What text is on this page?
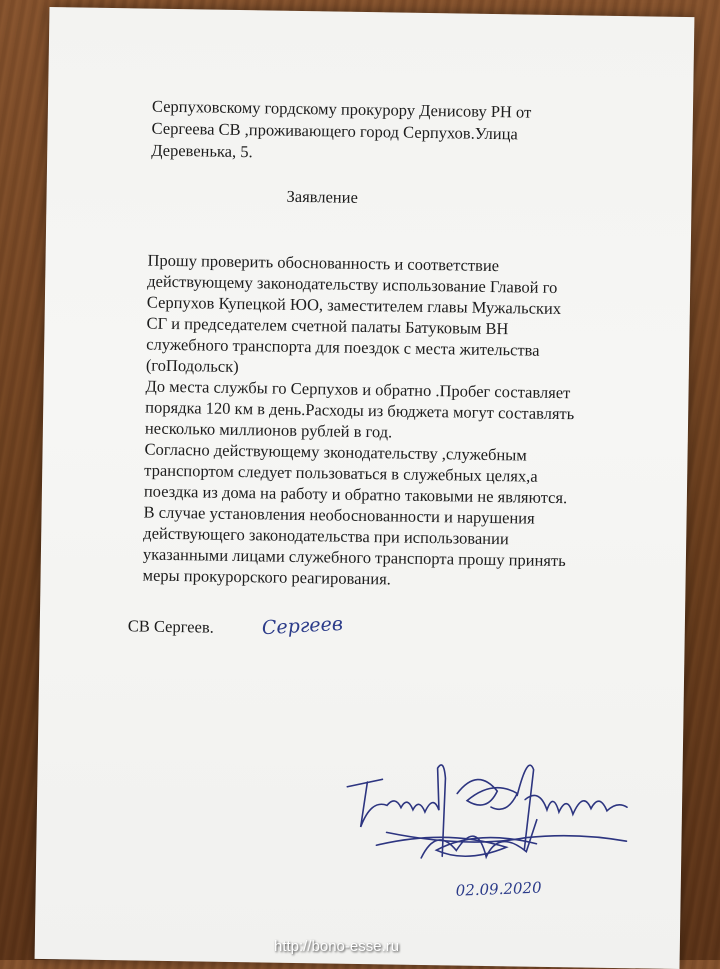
Серпуховскому гордскому прокурору Денисову РН от

Сергеева СВ ,проживающего город Серпухов.Улица

Деревенька, 5.

Заявление

Прошу проверить обоснованность и соответствие

действующему законодательству использование Главой го

Серпухов Купецкой ЮО, заместителем главы Мужальских

СГ и председателем счетной палаты Батуковым ВН

служебного транспорта для поездок с места жительства

(гоПодольск)

До места службы го Серпухов и обратно .Пробег составляет

порядка 120 км в день.Расходы из бюджета могут составлять

несколько миллионов рублей в год.

Согласно действующему зконодательству ,служебным

транспортом следует пользоваться в служебных целях,а

поездка из дома на работу и обратно таковыми не являются.

В случае установления необоснованности и нарушения

действующего законодательства при использовании

указанными лицами служебного транспорта прошу принять

меры прокурорского реагирования.

СВ Сергеев. Сергеев
02.09.2020
http://bono-esse.ru
